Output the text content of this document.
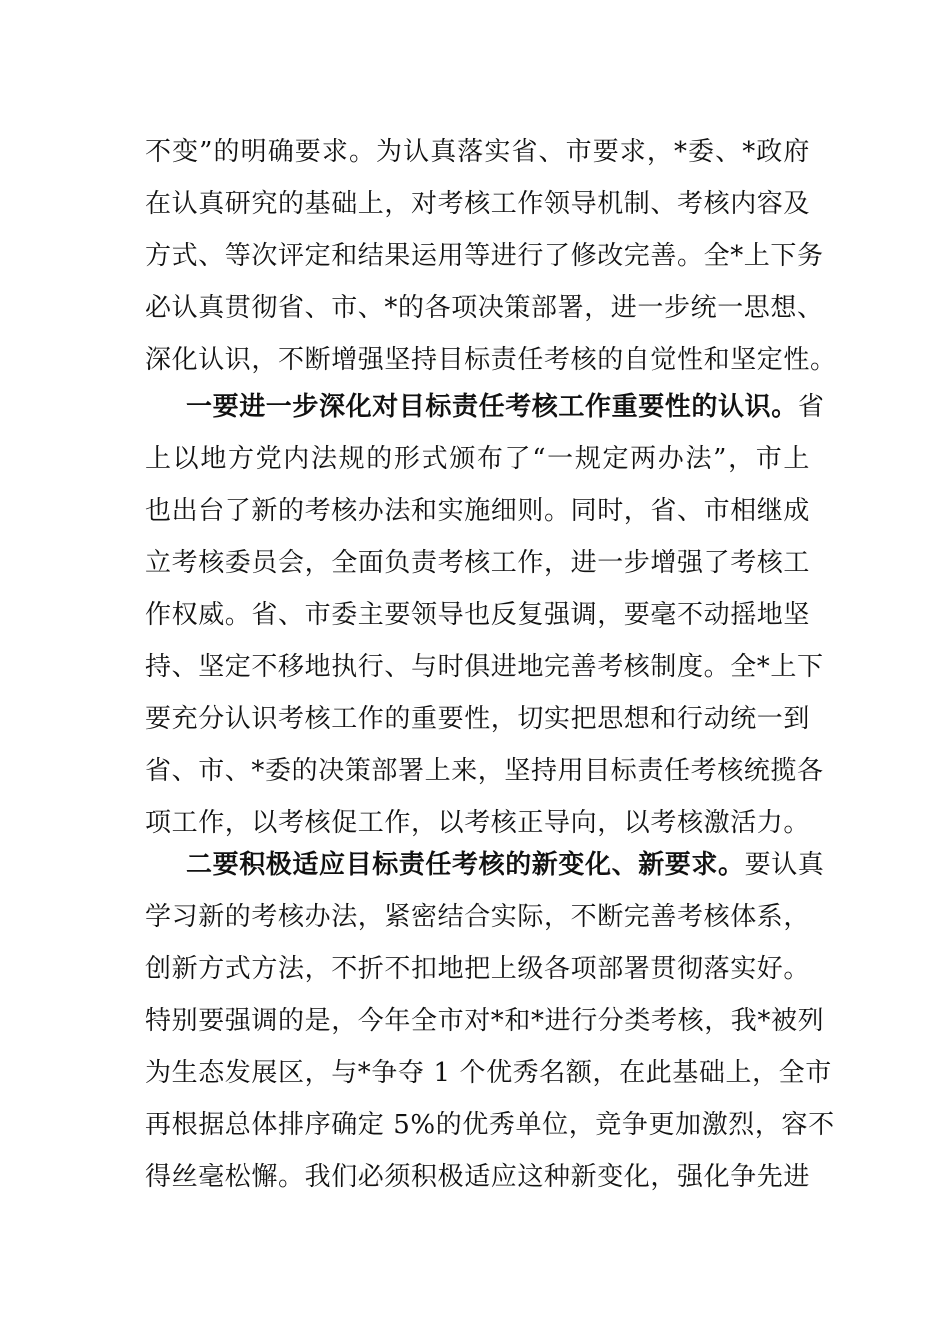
不变”的明确要求。为认真落实省、市要求，*委、*政府
在认真研究的基础上，对考核工作领导机制、考核内容及
方式、等次评定和结果运用等进行了修改完善。全*上下务
必认真贯彻省、市、*的各项决策部署，进一步统一思想、
深化认识，不断增强坚持目标责任考核的自觉性和坚定性。
一要进一步深化对目标责任考核工作重要性的认识。省
上以地方党内法规的形式颁布了“一规定两办法”，市上
也出台了新的考核办法和实施细则。同时，省、市相继成
立考核委员会，全面负责考核工作，进一步增强了考核工
作权威。省、市委主要领导也反复强调，要毫不动摇地坚
持、坚定不移地执行、与时俱进地完善考核制度。全*上下
要充分认识考核工作的重要性，切实把思想和行动统一到
省、市、*委的决策部署上来，坚持用目标责任考核统揽各
项工作，以考核促工作，以考核正导向，以考核激活力。
二要积极适应目标责任考核的新变化、新要求。要认真
学习新的考核办法，紧密结合实际，不断完善考核体系，
创新方式方法，不折不扣地把上级各项部署贯彻落实好。
特别要强调的是，今年全市对*和*进行分类考核，我*被列
为生态发展区，与*争夺 1 个优秀名额，在此基础上，全市
再根据总体排序确定 5%的优秀单位，竞争更加激烈，容不
得丝毫松懈。我们必须积极适应这种新变化，强化争先进
